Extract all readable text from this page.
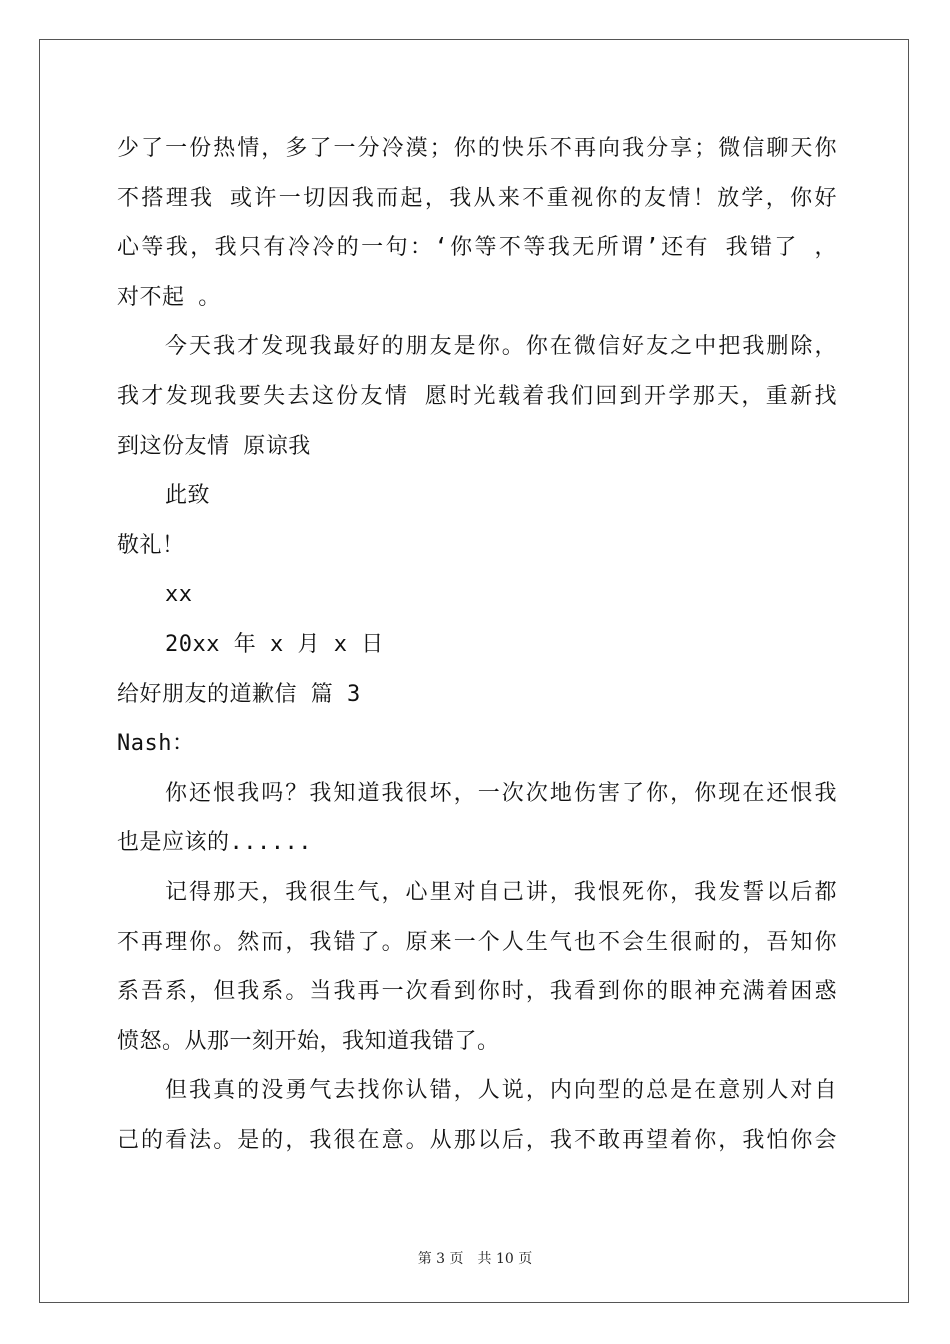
少了一份热情，多了一分冷漠；你的快乐不再向我分享；微信聊天你
不搭理我 或许一切因我而起，我从来不重视你的友情！放学，你好
心等我，我只有冷冷的一句：‘你等不等我无所谓’还有 我错了 ，
对不起 。
今天我才发现我最好的朋友是你。你在微信好友之中把我删除，
我才发现我要失去这份友情 愿时光载着我们回到开学那天，重新找
到这份友情 原谅我
此致
敬礼！
xx
20xx 年 x 月 x 日
给好朋友的道歉信 篇 3
Nash：
你还恨我吗？我知道我很坏，一次次地伤害了你，你现在还恨我
也是应该的......
记得那天，我很生气，心里对自己讲，我恨死你，我发誓以后都
不再理你。然而，我错了。原来一个人生气也不会生很耐的，吾知你
系吾系，但我系。当我再一次看到你时，我看到你的眼神充满着困惑
愤怒。从那一刻开始，我知道我错了。
但我真的没勇气去找你认错，人说，内向型的总是在意别人对自
己的看法。是的，我很在意。从那以后，我不敢再望着你，我怕你会
第 3 页 共 10 页
